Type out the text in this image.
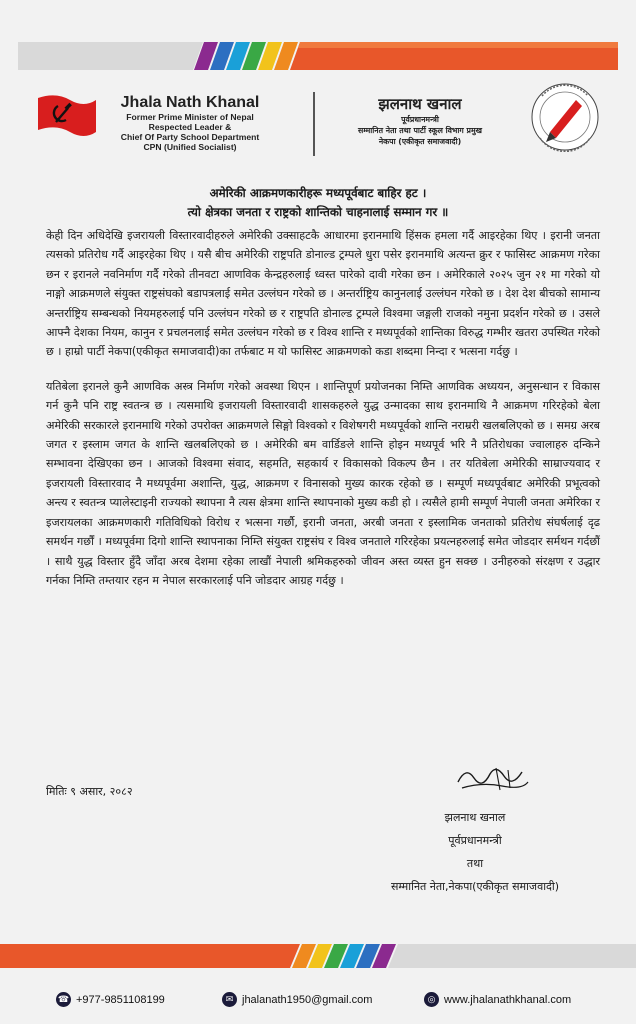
Jhala Nath Khanal
Former Prime Minister of Nepal
Respected Leader &
Chief Of Party School Department
CPN (Unified Socialist)
झलनाथ खनाल
पूर्वप्रधानमन्त्री
सम्मानित नेता तथा पार्टी स्कूल विभाग प्रमुख
नेकपा (एकीकृत समाजवादी)
अमेरिकी आक्रमणकारीहरू मध्यपूर्वबाट बाहिर हट ।
त्यो क्षेत्रका जनता र राष्ट्रको शान्तिको चाहनालाई सम्मान गर ॥

केही दिन अधिदेखि इजरायली विस्तारवादीहरुले अमेरिकी उक्साहटकै आधारमा इरानमाथि हिंसक हमला गर्दै आइरहेका थिए । इरानी जनता त्यसको प्रतिरोध गर्दै आइरहेका थिए । यसै बीच अमेरिकी राष्ट्रपति डोनाल्ड ट्रम्पले धुरा पसेर इरानमाथि अत्यन्त क्रुर र फासिस्ट आक्रमण गरेका छन र इरानले नवनिर्माण गर्दै गरेको तीनवटा आणविक केन्द्रहरुलाई ध्वस्त पारेको दावी गरेका छन । अमेरिकाले २०२५ जुन २१ मा गरेको यो नाङ्गो आक्रमणले संयुक्त राष्ट्रसंघको बडापत्रलाई समेत उल्लंघन गरेको छ । अन्तर्राष्ट्रिय कानुनलाई उल्लंघन गरेको छ । देश देश बीचको सामान्य अन्तर्राष्ट्रिय सम्बन्धको नियमहरुलाई पनि उल्लंघन गरेको छ र राष्ट्रपति डोनाल्ड ट्रम्पले विश्वमा जङ्गली राजको नमुना प्रदर्शन गरेको छ । उसले आफ्नै देशका नियम, कानुन र प्रचलनलाई समेत उल्लंघन गरेको छ र विश्व शान्ति र मध्यपूर्वको शान्तिका विरुद्ध गम्भीर खतरा उपस्थित गरेको छ । हाम्रो पार्टी नेकपा(एकीकृत समाजवादी)का तर्फबाट म यो फासिस्ट आक्रमणको कडा शब्दमा निन्दा र भत्सना गर्दछु ।

यतिबेला इरानले कुनै आणविक अस्त्र निर्माण गरेको अवस्था थिएन । शान्तिपूर्ण प्रयोजनका निम्ति आणविक अध्ययन, अनुसन्धान र विकास गर्न कुनै पनि राष्ट्र स्वतन्त्र छ । त्यसमाथि इजरायली विस्तारवादी शासकहरुले युद्ध उन्मादका साथ इरानमाथि नै आक्रमण गरिरहेको बेला अमेरिकी सरकारले इरानमाथि गरेको उपरोक्त आक्रमणले सिङ्गो विश्वको र विशेषगरी मध्यपूर्वको शान्ति नराम्ररी खलबलिएको छ । समग्र अरब जगत र इस्लाम जगत के शान्ति खलबलिएको छ । अमेरिकी बम वार्डिङले शान्ति होइन मध्यपूर्व भरि नै प्रतिरोधका ज्वालाहरु दन्किने सम्भावना देखिएका छन । आजको विश्वमा संवाद, सहमति, सहकार्य र विकासको विकल्प छैन । तर यतिबेला अमेरिकी साम्राज्यवाद र इजरायली विस्तारवाद नै मध्यपूर्वमा अशान्ति, युद्ध, आक्रमण र विनासको मुख्य कारक रहेको छ । सम्पूर्ण मध्यपूर्वबाट अमेरिकी प्रभूत्वको अन्त्य र स्वतन्त्र प्यालेस्टाइनी राज्यको स्थापना नै त्यस क्षेत्रमा शान्ति स्थापनाको मुख्य कडी हो । त्यसैले हामी सम्पूर्ण नेपाली जनता अमेरिका र इजरायलका आक्रमणकारी गतिविधिको विरोध र भत्सना गर्छौ, इरानी जनता, अरबी जनता र इस्लामिक जनताको प्रतिरोध संघर्षलाई दृढ समर्थन गर्छौं । मध्यपूर्वमा दिगो शान्ति स्थापनाका निम्ति संयुक्त राष्ट्रसंघ र विश्व जनताले गरिरहेका प्रयत्नहरुलाई समेत जोडदार सर्मथन गर्दछौं । साथै युद्ध विस्तार हुँदै जाँदा अरब देशमा रहेका लाखौं नेपाली श्रमिकहरुको जीवन अस्त व्यस्त हुन सक्छ । उनीहरुको संरक्षण र उद्धार गर्नका निम्ति तम्तयार रहन म नेपाल सरकारलाई पनि जोडदार आग्रह गर्दछु ।

मितिः ९ असार, २०८२
झलनाथ खनाल
पूर्वप्रधानमन्त्री
तथा
सम्मानित नेता,नेकपा(एकीकृत समाजवादी)
☎ +977-9851108199	✉ jhalanath1950@gmail.com	◎ www.jhalanathkhanal.com
